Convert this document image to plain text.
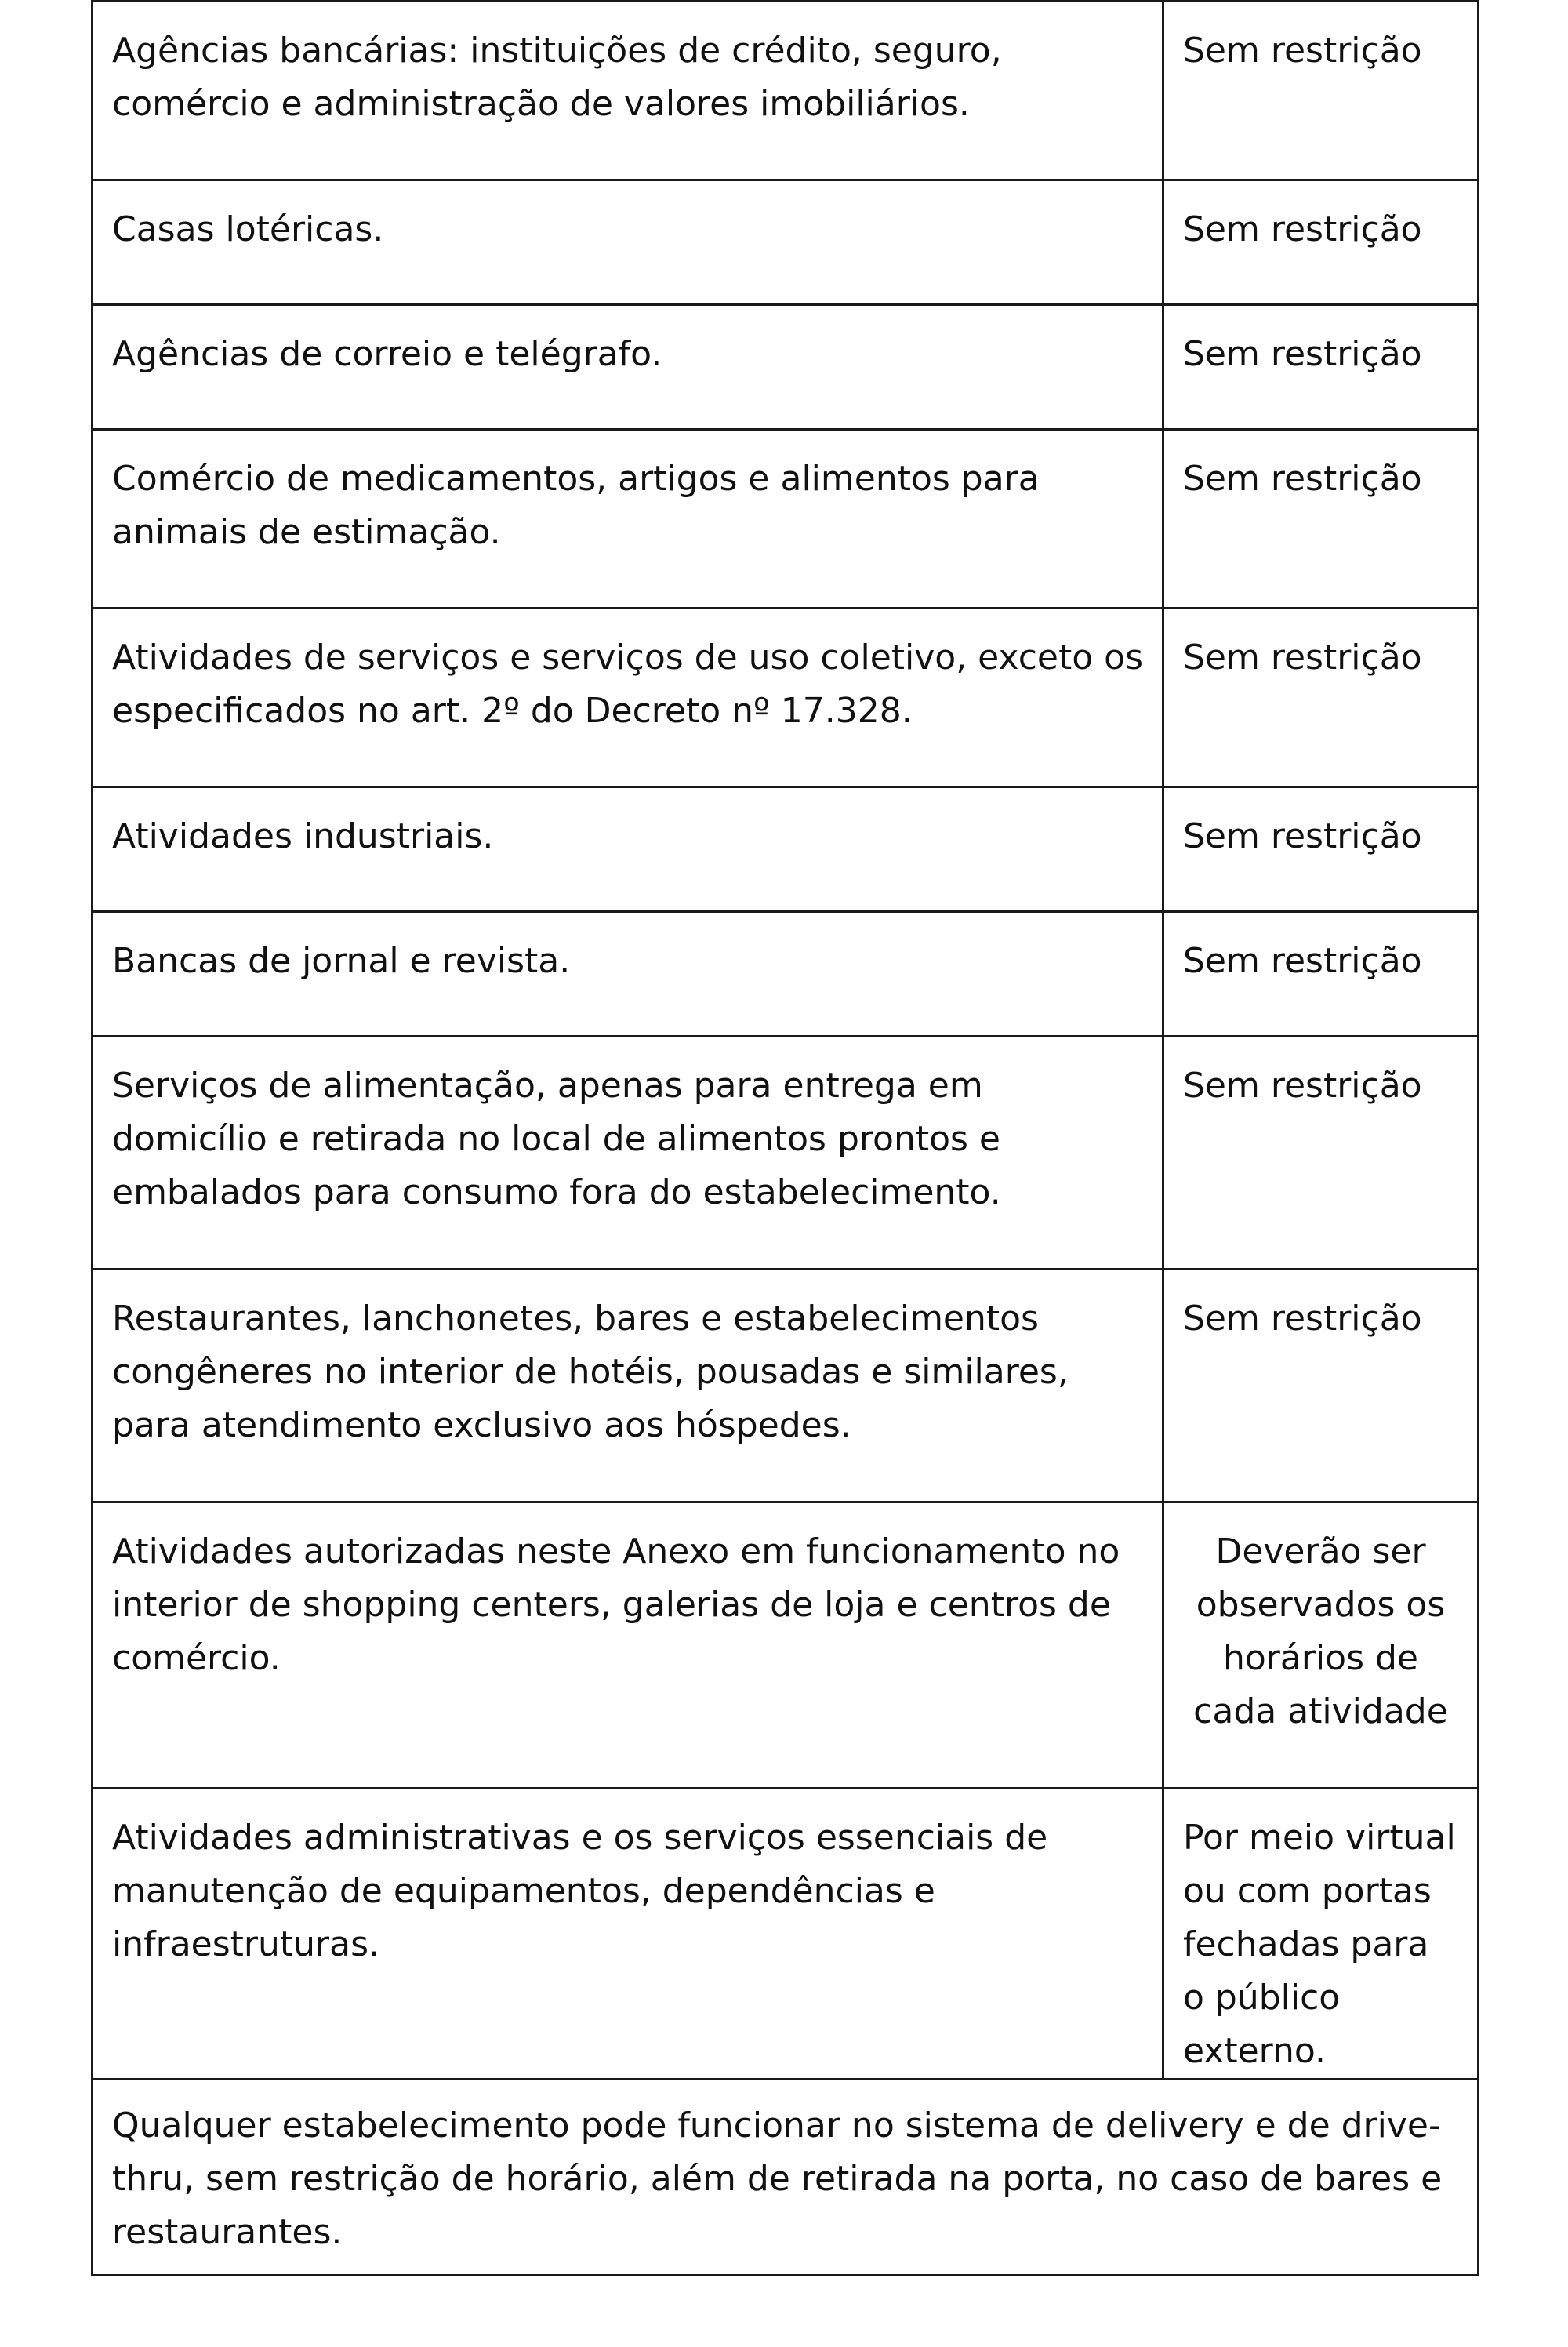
Agências bancárias: instituições de crédito, seguro, comércio e administração de valores imobiliários.	Sem restrição
Casas lotéricas.	Sem restrição
Agências de correio e telégrafo.	Sem restrição
Comércio de medicamentos, artigos e alimentos para animais de estimação.	Sem restrição
Atividades de serviços e serviços de uso coletivo, exceto os especificados no art. 2º do Decreto nº 17.328.	Sem restrição
Atividades industriais.	Sem restrição
Bancas de jornal e revista.	Sem restrição
Serviços de alimentação, apenas para entrega em domicílio e retirada no local de alimentos prontos e embalados para consumo fora do estabelecimento.	Sem restrição
Restaurantes, lanchonetes, bares e estabelecimentos congêneres no interior de hotéis, pousadas e similares, para atendimento exclusivo aos hóspedes.	Sem restrição
Atividades autorizadas neste Anexo em funcionamento no interior de shopping centers, galerias de loja e centros de comércio.	Deverão ser observados os horários de cada atividade
Atividades administrativas e os serviços essenciais de manutenção de equipamentos, dependências e infraestruturas.	Por meio virtual ou com portas fechadas para o público externo.
Qualquer estabelecimento pode funcionar no sistema de delivery e de drive-thru, sem restrição de horário, além de retirada na porta, no caso de bares e restaurantes.	
